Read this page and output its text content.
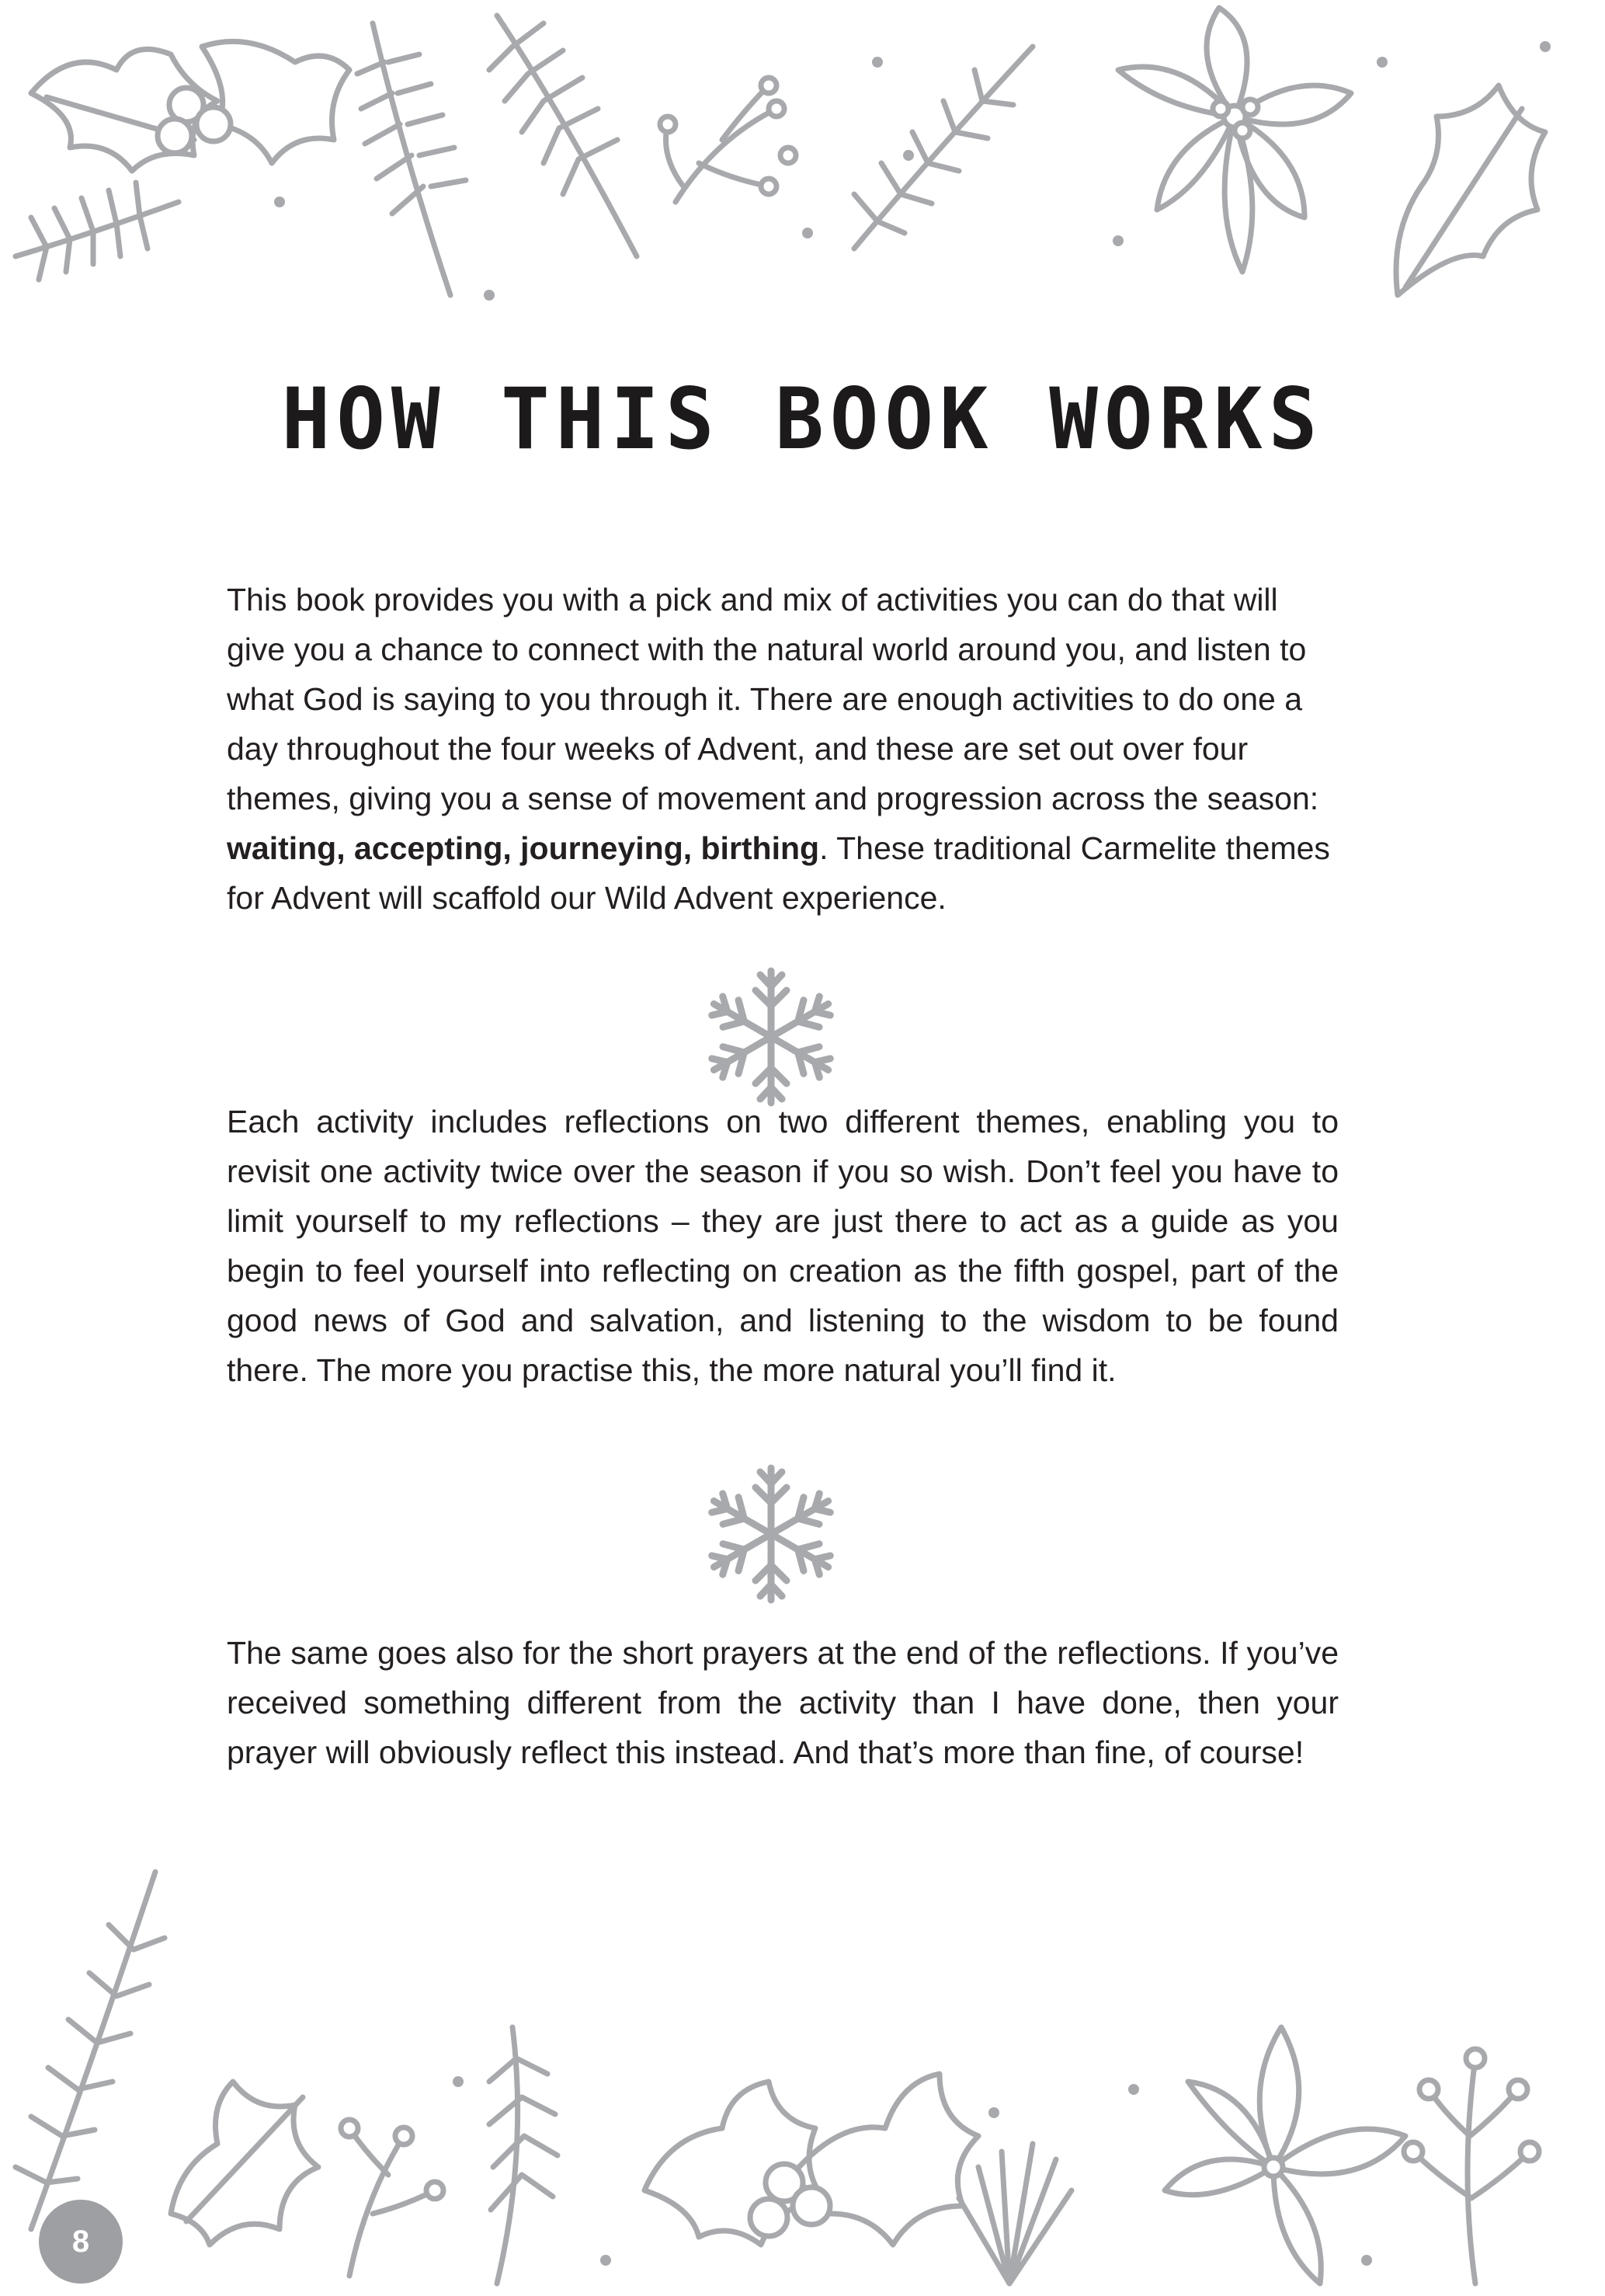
HOW THIS BOOK WORKS

This book provides you with a pick and mix of activities you can do that will give you a chance to connect with the natural world around you, and listen to what God is saying to you through it. There are enough activities to do one a day throughout the four weeks of Advent, and these are set out over four themes, giving you a sense of movement and progression across the season: waiting, accepting, journeying, birthing. These traditional Carmelite themes for Advent will scaffold our Wild Advent experience.

Each activity includes reflections on two different themes, enabling you to revisit one activity twice over the season if you so wish. Don’t feel you have to limit yourself to my reflections – they are just there to act as a guide as you begin to feel yourself into reflecting on creation as the fifth gospel, part of the good news of God and salvation, and listening to the wisdom to be found there. The more you practise this, the more natural you’ll find it.

The same goes also for the short prayers at the end of the reflections. If you’ve received something different from the activity than I have done, then your prayer will obviously reflect this instead. And that’s more than fine, of course!

8
